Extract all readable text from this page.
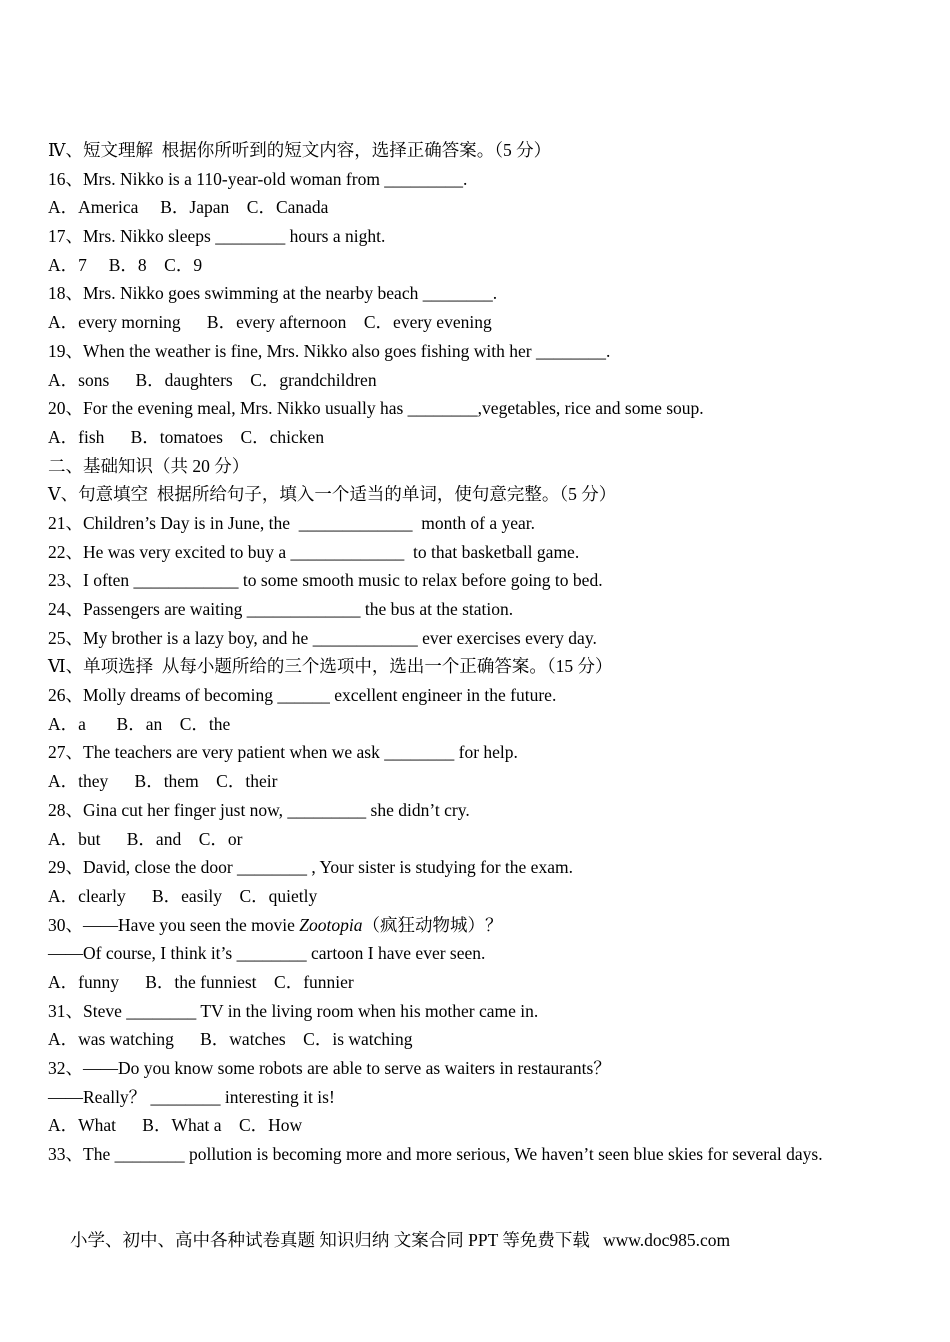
Ⅳ、短文理解  根据你所听到的短文内容，选择正确答案。（5 分）
16、Mrs. Nikko is a 110-year-old woman from _________.
A．America     B．Japan    C．Canada
17、Mrs. Nikko sleeps ________ hours a night.
A．7     B．8    C．9
18、Mrs. Nikko goes swimming at the nearby beach ________.
A．every morning      B．every afternoon    C．every evening
19、When the weather is fine, Mrs. Nikko also goes fishing with her ________.
A．sons      B．daughters    C．grandchildren
20、For the evening meal, Mrs. Nikko usually has ________,vegetables, rice and some soup.
A．fish      B．tomatoes    C．chicken
二、基础知识（共 20 分）
Ⅴ、句意填空  根据所给句子，填入一个适当的单词，使句意完整。（5 分）
21、Children’s Day is in June, the  _____________  month of a year.
22、He was very excited to buy a _____________  to that basketball game.
23、I often ____________ to some smooth music to relax before going to bed.
24、Passengers are waiting _____________ the bus at the station.
25、My brother is a lazy boy, and he ____________ ever exercises every day.
Ⅵ、单项选择  从每小题所给的三个选项中，选出一个正确答案。（15 分）
26、Molly dreams of becoming ______ excellent engineer in the future.
A．a       B．an    C．the
27、The teachers are very patient when we ask ________ for help.
A．they      B．them    C．their
28、Gina cut her finger just now, _________ she didn’t cry.
A．but      B．and    C．or
29、David, close the door ________ , Your sister is studying for the exam.
A．clearly      B．easily    C．quietly
30、——Have you seen the movie Zootopia（疯狂动物城）？
——Of course, I think it’s ________ cartoon I have ever seen.
A．funny      B．the funniest    C．funnier
31、Steve ________ TV in the living room when his mother came in.
A．was watching      B．watches    C．is watching
32、——Do you know some robots are able to serve as waiters in restaurants？
——Really？ ________ interesting it is!
A．What      B．What a    C．How
33、The ________ pollution is becoming more and more serious, We haven’t seen blue skies for several days.
小学、初中、高中各种试卷真题 知识归纳 文案合同 PPT 等免费下载   www.doc985.com
